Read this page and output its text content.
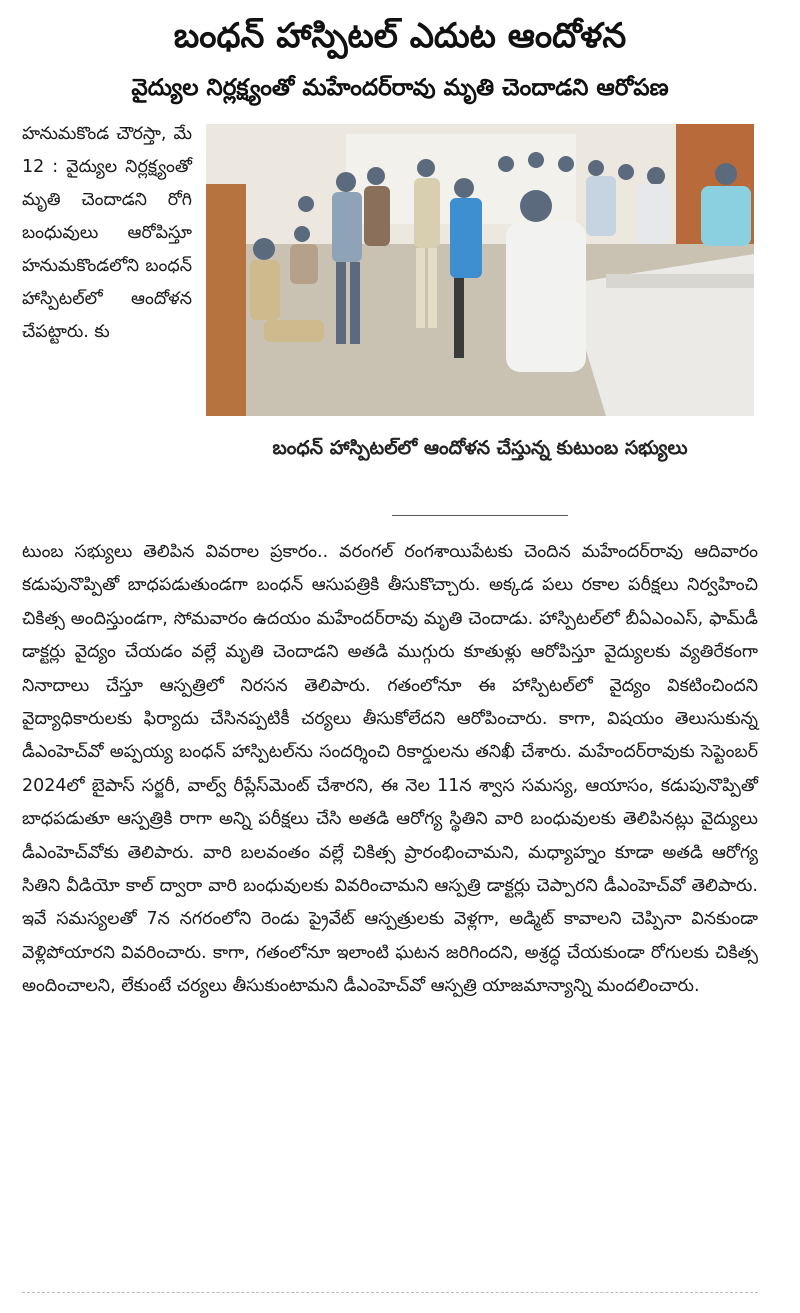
బంధన్ హాస్పిటల్ ఎదుట ఆందోళన
వైద్యుల నిర్లక్ష్యంతో మహేందర్‌రావు మృతి చెందాడని ఆరోపణ
హనుమకొండ చౌరస్తా, మే 12 : వైద్యుల నిర్లక్ష్యంతో మృతి చెందాడని రోగి బంధువులు ఆరోపిస్తూ హనుమకొండలోని బంధన్ హాస్పిటల్‌లో ఆందోళన చేపట్టారు. కు
బంధన్ హాస్పిటల్‌లో ఆందోళన చేస్తున్న కుటుంబ సభ్యులు

టుంబ సభ్యులు తెలిపిన వివరాల ప్రకారం.. వరంగల్ రంగశాయిపేటకు చెందిన మహేందర్‌రావు ఆదివారం కడుపునొప్పితో బాధపడుతుండగా బంధన్ ఆసుపత్రికి తీసుకొచ్చారు. అక్కడ పలు రకాల పరీక్షలు నిర్వహించి చికిత్స అందిస్తుండగా, సోమవారం ఉదయం మహేందర్‌రావు మృతి చెందాడు. హాస్పిటల్‌లో బీఏఎంఎస్, ఫామ్‌డీ డాక్టర్లు వైద్యం చేయడం వల్లే మృతి చెందాడని అతడి ముగ్గురు కూతుళ్లు ఆరోపిస్తూ వైద్యులకు వ్యతిరేకంగా నినాదాలు చేస్తూ ఆస్పత్రిలో నిరసన తెలిపారు. గతంలోనూ ఈ హాస్పిటల్‌లో వైద్యం వికటించిందని వైద్యాధికారులకు ఫిర్యాదు చేసినప్పటికీ చర్యలు తీసుకోలేదని ఆరోపించారు. కాగా, విషయం తెలుసుకున్న డీఎంహెచ్‌వో అప్పయ్య బంధన్ హాస్పిటల్‌ను సందర్శించి రికార్డులను తనిఖీ చేశారు. మహేందర్‌రావుకు సెప్టెంబర్ 2024లో బైపాస్ సర్జరీ, వాల్వ్ రీప్లేస్‌మెంట్ చేశారని, ఈ నెల 11న శ్వాస సమస్య, ఆయాసం, కడుపునొప్పితో బాధపడుతూ ఆస్పత్రికి రాగా అన్ని పరీక్షలు చేసి అతడి ఆరోగ్య స్థితిని వారి బంధువులకు తెలిపినట్లు వైద్యులు డీఎంహెచ్‌వోకు తెలిపారు. వారి బలవంతం వల్లే చికిత్స ప్రారంభించామని, మధ్యాహ్నం కూడా అతడి ఆరోగ్య సితిని వీడియో కాల్ ద్వారా వారి బంధువులకు వివరించామని ఆస్పత్రి డాక్టర్లు చెప్పారని డీఎంహెచ్‌వో తెలిపారు. ఇవే సమస్యలతో 7న నగరంలోని రెండు ప్రైవేట్ ఆస్పత్రులకు వెళ్లగా, అడ్మిట్ కావాలని చెప్పినా వినకుండా వెళ్లిపోయారని వివరించారు. కాగా, గతంలోనూ ఇలాంటి ఘటన జరిగిందని, అశ్రద్ధ చేయకుండా రోగులకు చికిత్స అందించాలని, లేకుంటే చర్యలు తీసుకుంటామని డీఎంహెచ్‌వో ఆస్పత్రి యాజమాన్యాన్ని మందలించారు.
